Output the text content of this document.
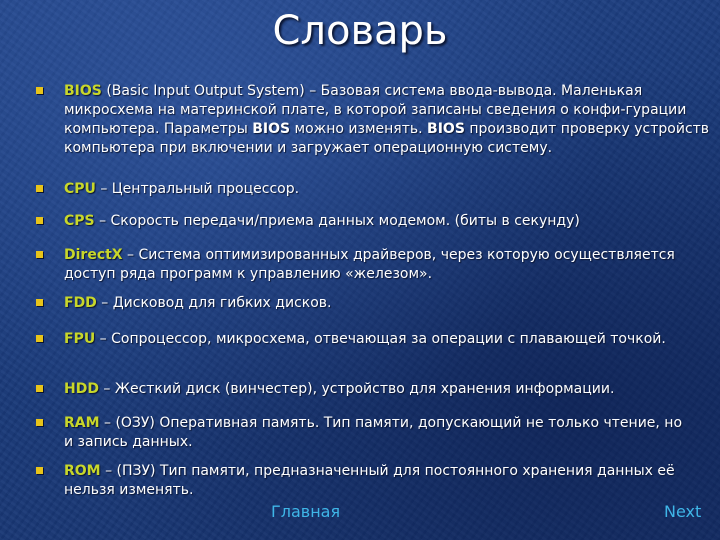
Словарь
BIOS (Basic Input Output System) – Базовая система ввода-вывода. Маленькая микросхема на материнской плате, в которой записаны сведения о конфи-гурации компьютера. Параметры BIOS можно изменять. BIOS производит проверку устройств компьютера при включении и загружает операционную систему.
CPU – Центральный процессор.
CPS – Скорость передачи/приема данных модемом. (биты в секунду)
DirectX – Система оптимизированных драйверов, через которую осуществляется доступ ряда программ к управлению «железом».
FDD – Дисковод для гибких дисков.
FPU – Сопроцессор, микросхема, отвечающая за операции с плавающей точкой.
HDD – Жесткий диск (винчестер), устройство для хранения информации.
RAM – (ОЗУ) Оперативная память. Тип памяти, допускающий не только чтение, но и запись данных.
ROM – (ПЗУ) Тип памяти, предназначенный для постоянного хранения данных её нельзя изменять.
Главная	Next
